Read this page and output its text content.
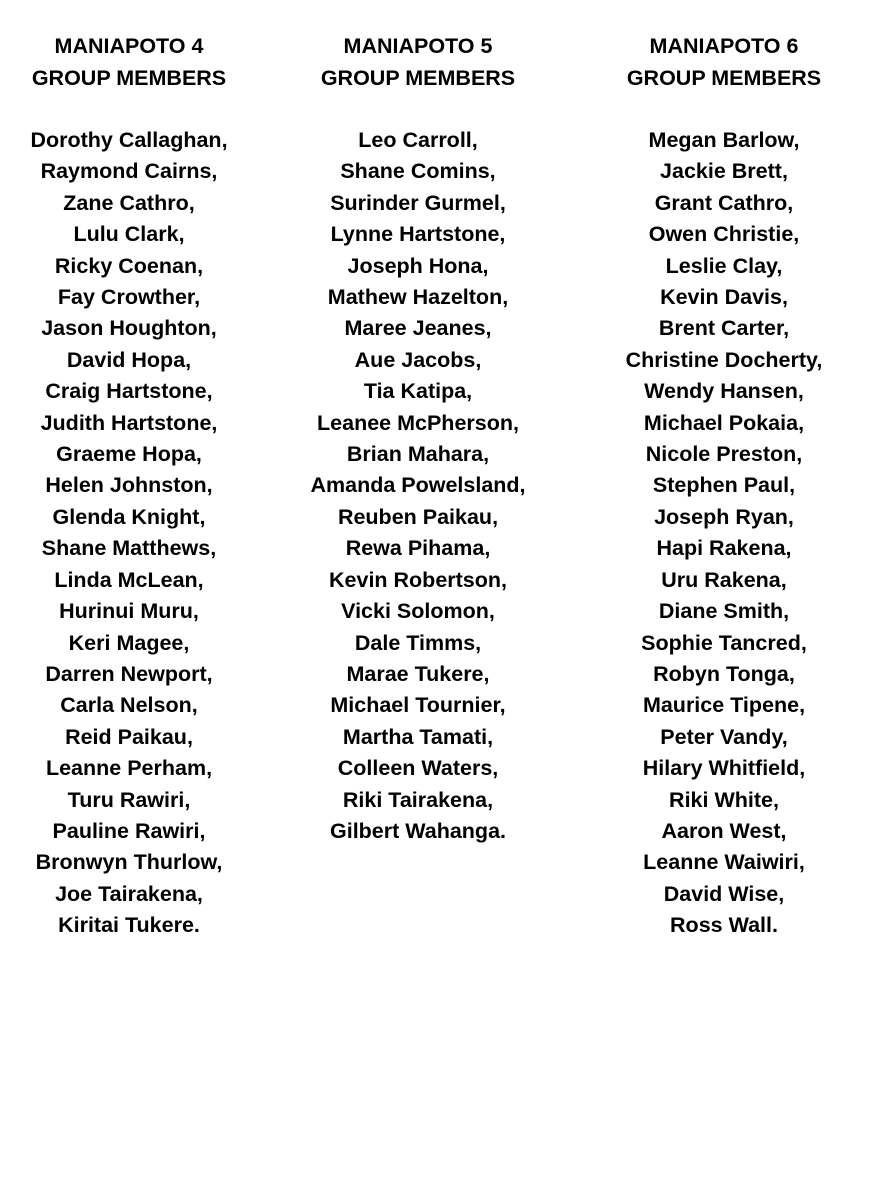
MANIAPOTO 4
GROUP MEMBERS
Dorothy Callaghan,
Raymond Cairns,
Zane Cathro,
Lulu Clark,
Ricky Coenan,
Fay Crowther,
Jason Houghton,
David Hopa,
Craig Hartstone,
Judith Hartstone,
Graeme Hopa,
Helen Johnston,
Glenda Knight,
Shane Matthews,
Linda McLean,
Hurinui Muru,
Keri Magee,
Darren Newport,
Carla Nelson,
Reid Paikau,
Leanne Perham,
Turu Rawiri,
Pauline Rawiri,
Bronwyn Thurlow,
Joe Tairakena,
Kiritai Tukere.
MANIAPOTO 5
GROUP MEMBERS
Leo Carroll,
Shane Comins,
Surinder Gurmel,
Lynne Hartstone,
Joseph Hona,
Mathew Hazelton,
Maree Jeanes,
Aue Jacobs,
Tia Katipa,
Leanee McPherson,
Brian Mahara,
Amanda Powelsland,
Reuben Paikau,
Rewa Pihama,
Kevin Robertson,
Vicki Solomon,
Dale Timms,
Marae Tukere,
Michael Tournier,
Martha Tamati,
Colleen Waters,
Riki Tairakena,
Gilbert Wahanga.
MANIAPOTO 6
GROUP MEMBERS
Megan Barlow,
Jackie Brett,
Grant Cathro,
Owen Christie,
Leslie Clay,
Kevin Davis,
Brent Carter,
Christine Docherty,
Wendy Hansen,
Michael Pokaia,
Nicole Preston,
Stephen Paul,
Joseph Ryan,
Hapi Rakena,
Uru Rakena,
Diane Smith,
Sophie Tancred,
Robyn Tonga,
Maurice Tipene,
Peter Vandy,
Hilary Whitfield,
Riki White,
Aaron West,
Leanne Waiwiri,
David Wise,
Ross Wall.
